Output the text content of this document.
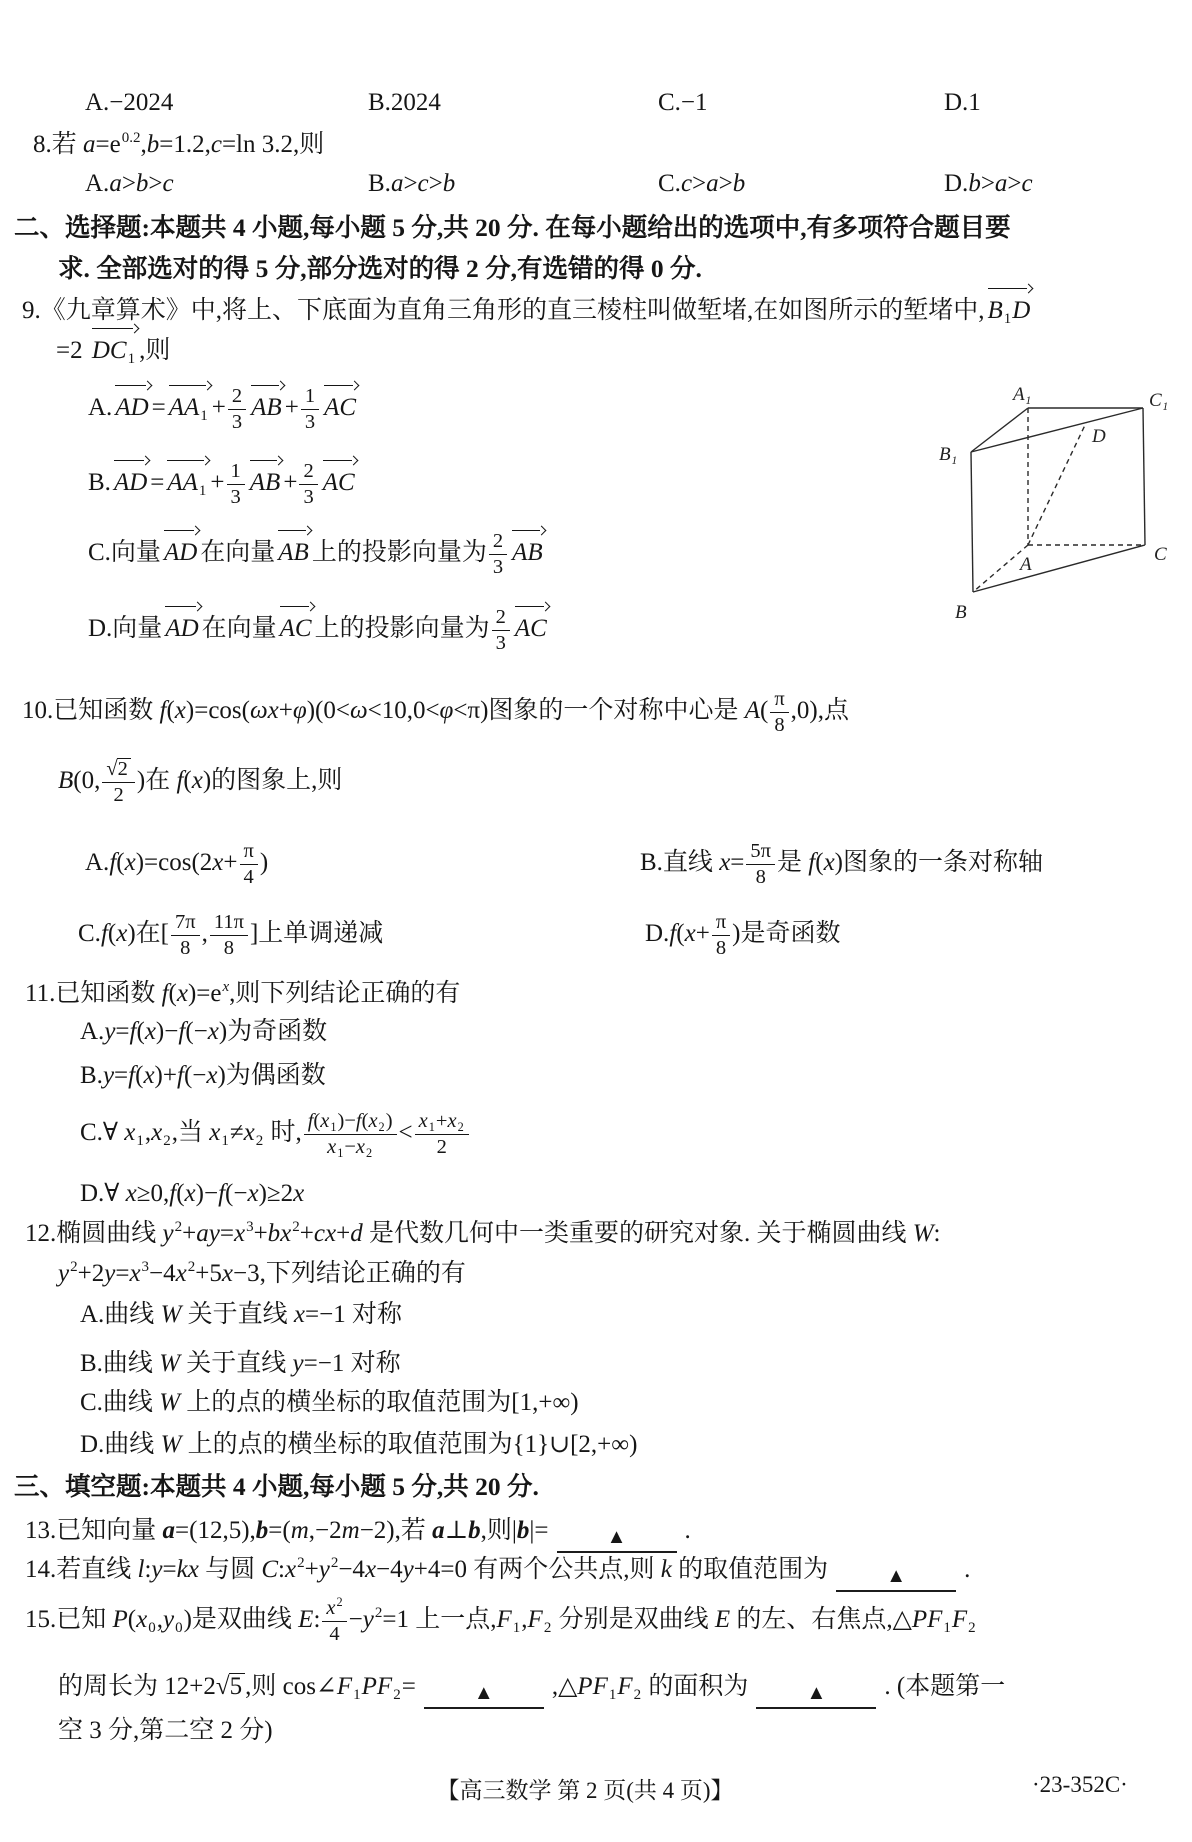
A.−2024	B.2024	C.−1	D.1
8.若 $a=e^{0.2},b=1.2,c=\ln$ 3.2,则
A.a>b>c	B.a>c>b	C.c>a>b	D.b>a>c
二、选择题:本题共 4 小题,每小题 5 分,共 20 分. 在每小题给出的选项中,有多项符合题目要
求. 全部选对的得 5 分,部分选对的得 2 分,有选错的得 0 分.
9.《九章算术》中,将上、下底面为直角三角形的直三棱柱叫做堑堵,在如图所示的堑堵中, $B_1D$
=2 $DC_1$ ,则
A. AD = $AA_1 + \frac{2}{3}$ AB + $\frac{1}{3}$ AC
B. AD = $AA_1 + \frac{1}{3}$ AB + $\frac{2}{3}$ AC
C.向量 AD 在向量 AB 上的投影向量为 $\frac{2}{3}$ AB
D.向量 AD 在向量 AC 上的投影向量为 $\frac{2}{3}$ AC
A₁	C₁
B₁
D
A
B
C
10.已知函数 f(x)=cos(ωx+φ)(0<ω<10,0<φ<π)图象的一个对称中心是 $A( \frac{\pi}{8} ,0)$,点
B(0, √ $\frac{2}{2}$ )在 f(x)的图象上,则
$A.f(x)=\cos(2x+ \frac{\pi}{4}$ )	B.直线 $x= \frac{5\pi}{8}$ 是 f(x)图象的一条对称轴
C.f(x)在[ $\frac{7\pi}{8}$ , $\frac{11\pi}{8}$ ]上单调递减	$D.f(x+ \frac{\pi}{8}$ )是奇函数
11.已知函数 $f(x)=e^x$,则下列结论正确的有
A.y=f(x)−f(−x)为奇函数
B.y=f(x)+f(−x)为偶函数
C.∀ $x_1,x_2$,当 $x_1\ne x_2$ 时, $\frac{f(x_1)-f(x_2)}{x_1-x_2} < \frac{x_1+x_2}{2}$
D.∀ x≥0,f(x)−f(−x)≥2x
12.椭圆曲线 $y^2+ay=x^3+bx^2+cx+d$ 是代数几何中一类重要的研究对象. 关于椭圆曲线 W:
$y^2+2y=x^3-4x^2+5x-3$,下列结论正确的有
A.曲线 W 关于直线 x=−1 对称
B.曲线 W 关于直线 y=−1 对称
C.曲线 W 上的点的横坐标的取值范围为[1,+∞)
D.曲线 W 上的点的横坐标的取值范围为{1}∪[2,+∞)
三、填空题:本题共 4 小题,每小题 5 分,共 20 分.
13.已知向量 a=(12,5),b=(m,−2m−2),若 a⊥b,则|b|=	▲ .
14.若直线 l:y=kx 与圆 $C:x^2+y^2-4x-4y+4=0$ 有两个公共点,则 k 的取值范围为	▲ .
15.已知 $P(x_0,y_0)$是双曲线 E: $\frac{x^2}{4} -y^2=1$ 上一点$,F_1,F_2$ 分别是双曲线 E 的左、右焦点$,\triangle PF_1F_2$
的周长为 12+2 √ 5 ,则 $\cos\angle F_1PF_2=$	▲ $,\triangle PF_1F_2$ 的面积为	▲ . (本题第一
空 3 分,第二空 2 分)
【高三数学 第 2 页(共 4 页)】	·23-352C·
